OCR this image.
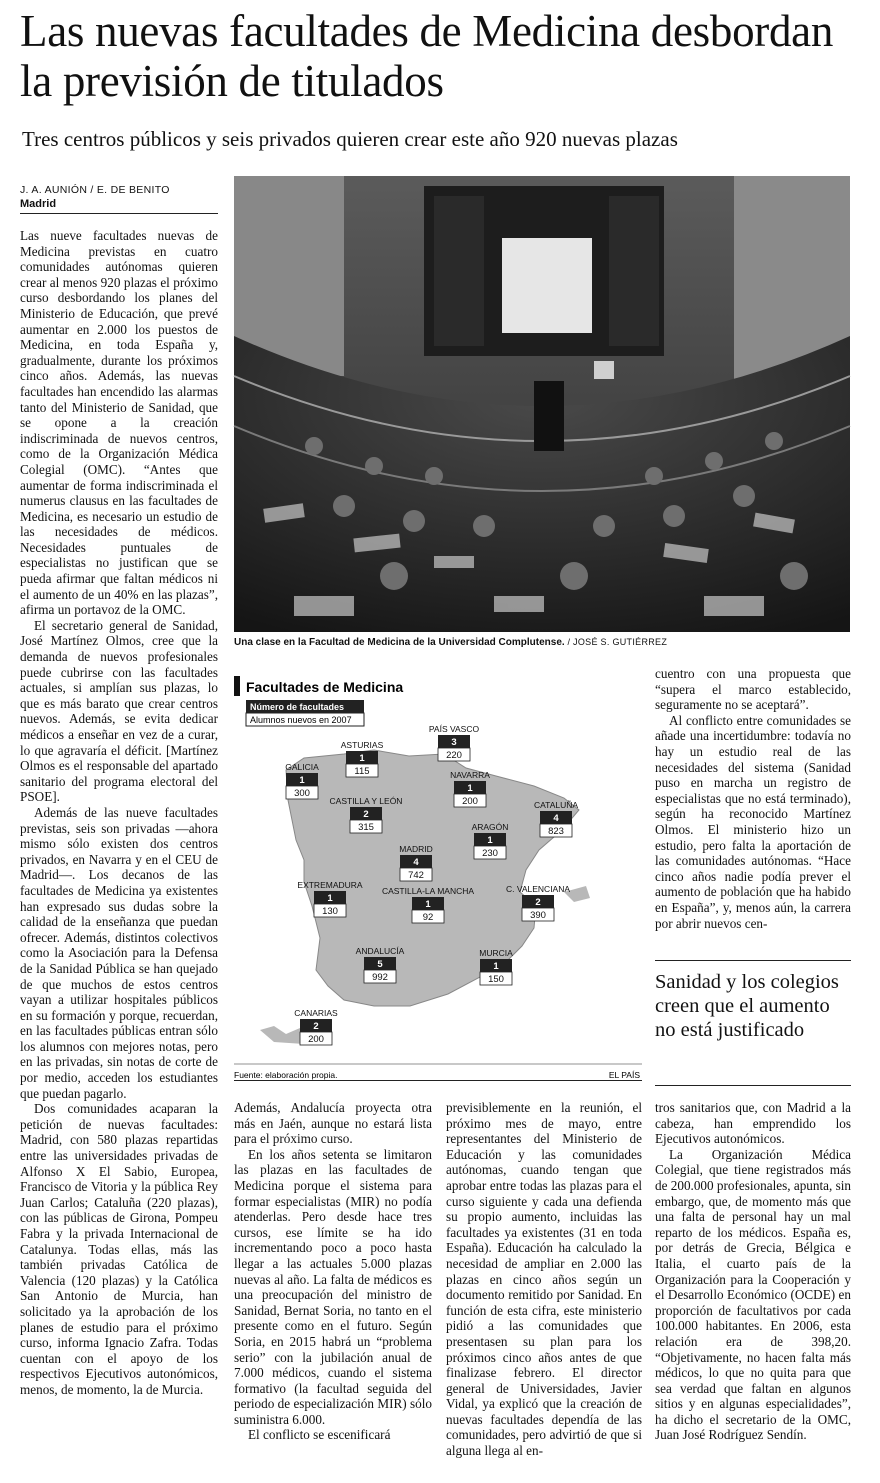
Las nuevas facultades de Medicina desbordan la previsión de titulados
Tres centros públicos y seis privados quieren crear este año 920 nuevas plazas
J. A. AUNIÓN / E. DE BENITO
Madrid

Las nueve facultades nuevas de Medicina previstas en cuatro comunidades autónomas quieren crear al menos 920 plazas el próximo curso desbordando los planes del Ministerio de Educación, que prevé aumentar en 2.000 los puestos de Medicina, en toda España y, gradualmente, durante los próximos cinco años. Además, las nuevas facultades han encendido las alarmas tanto del Ministerio de Sanidad, que se opone a la creación indiscriminada de nuevos centros, como de la Organización Médica Colegial (OMC). “Antes que aumentar de forma indiscriminada el numerus clausus en las facultades de Medicina, es necesario un estudio de las necesidades de médicos. Necesidades puntuales de especialistas no justifican que se pueda afirmar que faltan médicos ni el aumento de un 40% en las plazas”, afirma un portavoz de la OMC.

El secretario general de Sanidad, José Martínez Olmos, cree que la demanda de nuevos profesionales puede cubrirse con las facultades actuales, si amplían sus plazas, lo que es más barato que crear centros nuevos. Además, se evita dedicar médicos a enseñar en vez de a curar, lo que agravaría el déficit. [Martínez Olmos es el responsable del apartado sanitario del programa electoral del PSOE].

Además de las nueve facultades previstas, seis son privadas —ahora mismo sólo existen dos centros privados, en Navarra y en el CEU de Madrid—. Los decanos de las facultades de Medicina ya existentes han expresado sus dudas sobre la calidad de la enseñanza que puedan ofrecer. Además, distintos colectivos como la Asociación para la Defensa de la Sanidad Pública se han quejado de que muchos de estos centros vayan a utilizar hospitales públicos en su formación y porque, recuerdan, en las facultades públicas entran sólo los alumnos con mejores notas, pero en las privadas, sin notas de corte de por medio, acceden los estudiantes que puedan pagarlo.

Dos comunidades acaparan la petición de nuevas facultades: Madrid, con 580 plazas repartidas entre las universidades privadas de Alfonso X El Sabio, Europea, Francisco de Vitoria y la pública Rey Juan Carlos; Cataluña (220 plazas), con las públicas de Girona, Pompeu Fabra y la privada Internacional de Catalunya. Todas ellas, más las también privadas Católica de Valencia (120 plazas) y la Católica San Antonio de Murcia, han solicitado ya la aprobación de los planes de estudio para el próximo curso, informa Ignacio Zafra. Todas cuentan con el apoyo de los respectivos Ejecutivos autonómicos, menos, de momento, la de Murcia.

Una clase en la Facultad de Medicina de la Universidad Complutense. / JOSÉ S. GUTIÉRREZ
Facultades de Medicina
Número de facultades
Alumnos nuevos en 2007
ASTURIAS
1
115
PAÍS VASCO
3
220
GALICIA
1
300
NAVARRA
1
200
CASTILLA Y LEÓN
2
315
CATALUÑA
4
823
ARAGÓN
1
230
MADRID
4
742
EXTREMADURA
1
130
CASTILLA-LA MANCHA
1
92
C. VALENCIANA
2
390
ANDALUCÍA
5
992
MURCIA
1
150
CANARIAS
2
200
Fuente: elaboración propia.	EL PAÍS

Además, Andalucía proyecta otra más en Jaén, aunque no estará lista para el próximo curso.

En los años setenta se limitaron las plazas en las facultades de Medicina porque el sistema para formar especialistas (MIR) no podía atenderlas. Pero desde hace tres cursos, ese límite se ha ido incrementando poco a poco hasta llegar a las actuales 5.000 plazas nuevas al año. La falta de médicos es una preocupación del ministro de Sanidad, Bernat Soria, no tanto en el presente como en el futuro. Según Soria, en 2015 habrá un “problema serio” con la jubilación anual de 7.000 médicos, cuando el sistema formativo (la facultad seguida del periodo de especialización MIR) sólo suministra 6.000.

El conflicto se escenificará

previsiblemente en la reunión, el próximo mes de mayo, entre representantes del Ministerio de Educación y las comunidades autónomas, cuando tengan que aprobar entre todas las plazas para el curso siguiente y cada una defienda su propio aumento, incluidas las facultades ya existentes (31 en toda España). Educación ha calculado la necesidad de ampliar en 2.000 las plazas en cinco años según un documento remitido por Sanidad. En función de esta cifra, este ministerio pidió a las comunidades que presentasen su plan para los próximos cinco años antes de que finalizase febrero. El director general de Universidades, Javier Vidal, ya explicó que la creación de nuevas facultades dependía de las comunidades, pero advirtió de que si alguna llega al en-

cuentro con una propuesta que “supera el marco establecido, seguramente no se aceptará”.

Al conflicto entre comunidades se añade una incertidumbre: todavía no hay un estudio real de las necesidades del sistema (Sanidad puso en marcha un registro de especialistas que no está terminado), según ha reconocido Martínez Olmos. El ministerio hizo un estudio, pero falta la aportación de las comunidades autónomas. “Hace cinco años nadie podía prever el aumento de población que ha habido en España”, y, menos aún, la carrera por abrir nuevos cen-

Sanidad y los colegios creen que el aumento no está justificado

tros sanitarios que, con Madrid a la cabeza, han emprendido los Ejecutivos autonómicos.

La Organización Médica Colegial, que tiene registrados más de 200.000 profesionales, apunta, sin embargo, que, de momento más que una falta de personal hay un mal reparto de los médicos. España es, por detrás de Grecia, Bélgica e Italia, el cuarto país de la Organización para la Cooperación y el Desarrollo Económico (OCDE) en proporción de facultativos por cada 100.000 habitantes. En 2006, esta relación era de 398,20. “Objetivamente, no hacen falta más médicos, lo que no quita para que sea verdad que faltan en algunos sitios y en algunas especialidades”, ha dicho el secretario de la OMC, Juan José Rodríguez Sendín.
